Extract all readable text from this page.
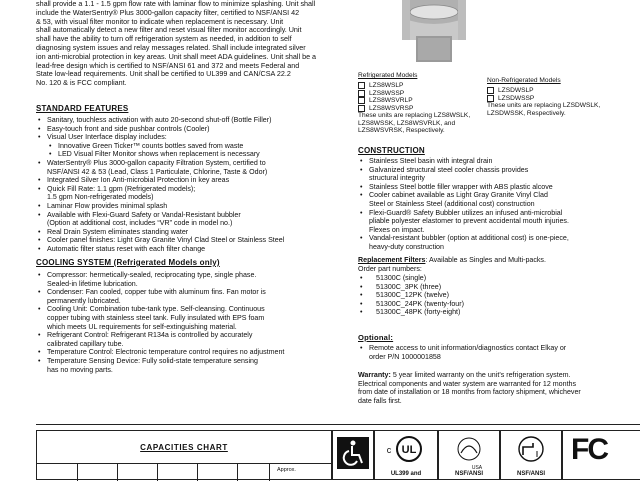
shall provide a 1.1 - 1.5 gpm flow rate with laminar flow to minimize splashing. Unit shall

include the WaterSentry® Plus 3000-gallon capacity filter, certified to NSF/ANSI 42

& 53, with visual filter monitor to indicate when replacement is necessary. Unit

shall automatically detect a new filter and reset visual filter monitor accordingly. Unit

shall have the ability to turn off refrigeration system as needed, in addition to self

diagnosing system issues and relay messages related. Shall include integrated silver

ion anti-microbial protection in key areas. Unit shall meet ADA guidelines. Unit shall be a

lead-free design which is certified to NSF/ANSI 61 and 372 and meets Federal and

State low-lead requirements. Unit shall be certified to UL399 and CAN/CSA 22.2

No. 120 & is FCC compliant.

STANDARD FEATURES
• Sanitary, touchless activation with auto 20-second shut-off (Bottle Filler)
• Easy-touch front and side pushbar controls (Cooler)
• Visual User Interface display includes:
• Innovative Green Ticker™ counts bottles saved from waste
• LED Visual Filter Monitor shows when replacement is necessary
• WaterSentry® Plus 3000-gallon capacity Filtration System, certified to
NSF/ANSI 42 & 53 (Lead, Class 1 Particulate, Chlorine, Taste & Odor)
• Integrated Silver Ion Anti-microbial Protection in key areas
• Quick Fill Rate: 1.1 gpm (Refrigerated models);
1.5 gpm Non-refrigerated models)
• Laminar Flow provides minimal splash
• Available with Flexi-Guard Safety or Vandal-Resistant bubbler
(Option at additional cost, includes “VR” code in model no.)
• Real Drain System eliminates standing water
• Cooler panel finishes: Light Gray Granite Vinyl Clad Steel or Stainless Steel
• Automatic filter status reset with each filter change
COOLING SYSTEM (Refrigerated Models only)
• Compressor: hermetically-sealed, reciprocating type, single phase.
Sealed-in lifetime lubrication.
• Condenser: Fan cooled, copper tube with aluminum fins. Fan motor is
permanently lubricated.
• Cooling Unit: Combination tube-tank type. Self-cleansing. Continuous
copper tubing with stainless steel tank. Fully insulated with EPS foam
which meets UL requirements for self-extinguishing material.
• Refrigerant Control: Refrigerant R134a is controlled by accurately
calibrated capillary tube.
• Temperature Control: Electronic temperature control requires no adjustment
• Temperature Sensing Device: Fully solid-state temperature sensing
has no moving parts.
Refrigerated Models
LZS8WSLP
LZS8WSSP
LZS8WSVRLP
LZS8WSVRSP
These units are replacing LZS8WSLK,
LZS8WSSK, LZS8WSVRLK, and
LZS8WSVRSK, Respectively.
Non-Refrigerated Models
LZSDWSLP
LZSDWSSP
These units are replacing LZSDWSLK,
LZSDWSSK, Respectively.
CONSTRUCTION
• Stainless Steel basin with integral drain
• Galvanized structural steel cooler chassis provides
structural integrity
• Stainless Steel bottle filler wrapper with ABS plastic alcove
• Cooler cabinet available as Light Gray Granite Vinyl Clad
Steel or Stainless Steel (additional cost) construction
• Flexi-Guard® Safety Bubbler utilizes an infused anti-microbial
pliable polyester elastomer to prevent accidental mouth injuries.
Flexes on impact.
• Vandal-resistant bubbler (option at additional cost) is one-piece,
heavy-duty construction
Replacement Filters: Available as Singles and Multi-packs.
Order part numbers:
• 51300C (single)
• 51300C_3PK (three)
• 51300C_12PK (twelve)
• 51300C_24PK (twenty-four)
• 51300C_48PK (forty-eight)
Optional:
• Remote access to unit information/diagnostics contact Elkay or
order P/N 1000001858
Warranty: 5 year limited warranty on the unit’s refrigeration system.
Electrical components and water system are warranted for 12 months
from date of installation or 18 months from factory shipment, whichever
date falls first.
CAPACITIES CHART
Approx.
UL
c
UL399 and
USA
NSF/ANSI	NSF/ANSI
FC
